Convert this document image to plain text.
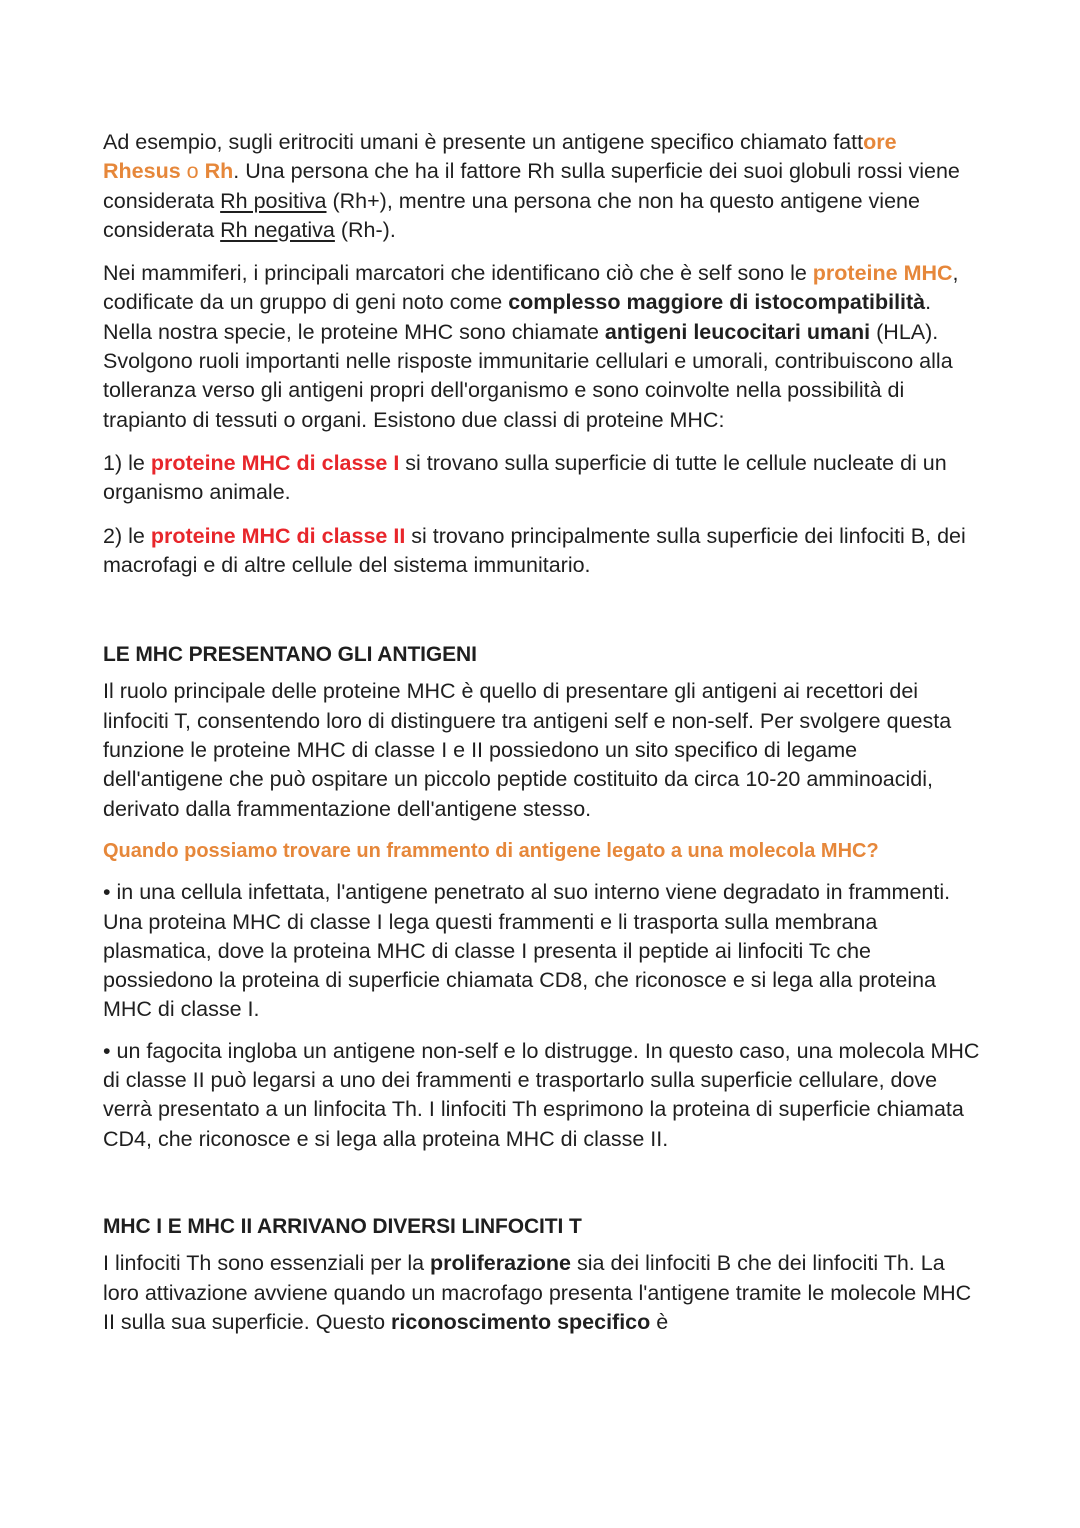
Ad esempio, sugli eritrociti umani è presente un antigene specifico chiamato fattore Rhesus o Rh. Una persona che ha il fattore Rh sulla superficie dei suoi globuli rossi viene considerata Rh positiva (Rh+), mentre una persona che non ha questo antigene viene considerata Rh negativa (Rh-).

Nei mammiferi, i principali marcatori che identificano ciò che è self sono le proteine MHC, codificate da un gruppo di geni noto come complesso maggiore di istocompatibilità. Nella nostra specie, le proteine MHC sono chiamate antigeni leucocitari umani (HLA). Svolgono ruoli importanti nelle risposte immunitarie cellulari e umorali, contribuiscono alla tolleranza verso gli antigeni propri dell'organismo e sono coinvolte nella possibilità di trapianto di tessuti o organi. Esistono due classi di proteine MHC:

1) le proteine MHC di classe I si trovano sulla superficie di tutte le cellule nucleate di un organismo animale.

2) le proteine MHC di classe II si trovano principalmente sulla superficie dei linfociti B, dei macrofagi e di altre cellule del sistema immunitario.

LE MHC PRESENTANO GLI ANTIGENI

Il ruolo principale delle proteine MHC è quello di presentare gli antigeni ai recettori dei linfociti T, consentendo loro di distinguere tra antigeni self e non-self. Per svolgere questa funzione le proteine MHC di classe I e II possiedono un sito specifico di legame dell'antigene che può ospitare un piccolo peptide costituito da circa 10-20 amminoacidi, derivato dalla frammentazione dell'antigene stesso.

Quando possiamo trovare un frammento di antigene legato a una molecola MHC?

• in una cellula infettata, l'antigene penetrato al suo interno viene degradato in frammenti. Una proteina MHC di classe I lega questi frammenti e li trasporta sulla membrana plasmatica, dove la proteina MHC di classe I presenta il peptide ai linfociti Tc che possiedono la proteina di superficie chiamata CD8, che riconosce e si lega alla proteina MHC di classe I.

• un fagocita ingloba un antigene non-self e lo distrugge. In questo caso, una molecola MHC di classe II può legarsi a uno dei frammenti e trasportarlo sulla superficie cellulare, dove verrà presentato a un linfocita Th. I linfociti Th esprimono la proteina di superficie chiamata CD4, che riconosce e si lega alla proteina MHC di classe II.

MHC I E MHC II ARRIVANO DIVERSI LINFOCITI T

I linfociti Th sono essenziali per la proliferazione sia dei linfociti B che dei linfociti Th. La loro attivazione avviene quando un macrofago presenta l'antigene tramite le molecole MHC II sulla sua superficie. Questo riconoscimento specifico è
